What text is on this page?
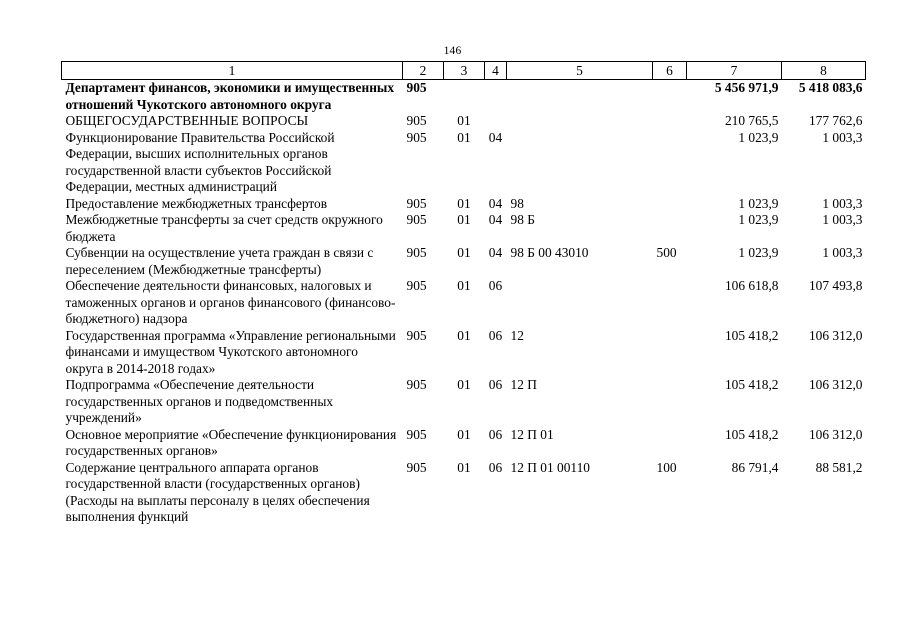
146
1	2	3	4	5	6	7	8
Департамент финансов, экономики и имущественных отношений Чукотского автономного округа	905					5 456 971,9	5 418 083,6
ОБЩЕГОСУДАРСТВЕННЫЕ ВОПРОСЫ	905	01				210 765,5	177 762,6
Функционирование Правительства Российской Федерации, высших исполнительных органов государственной власти субъектов Российской Федерации, местных администраций	905	01	04			1 023,9	1 003,3
Предоставление межбюджетных трансфертов	905	01	04	98		1 023,9	1 003,3
Межбюджетные трансферты за счет средств окружного бюджета	905	01	04	98 Б		1 023,9	1 003,3
Субвенции на осуществление учета граждан в связи с переселением (Межбюджетные трансферты)	905	01	04	98 Б 00 43010	500	1 023,9	1 003,3
Обеспечение деятельности финансовых, налоговых и таможенных органов и органов финансового (финансово-бюджетного) надзора	905	01	06			106 618,8	107 493,8
Государственная программа «Управление региональными финансами и имуществом Чукотского автономного округа в 2014-2018 годах»	905	01	06	12		105 418,2	106 312,0
Подпрограмма «Обеспечение деятельности государственных органов и подведомственных учреждений»	905	01	06	12 П		105 418,2	106 312,0
Основное мероприятие «Обеспечение функционирования государственных органов»	905	01	06	12 П 01		105 418,2	106 312,0
Содержание центрального аппарата органов государственной власти (государственных органов) (Расходы на выплаты персоналу в целях обеспечения выполнения функций	905	01	06	12 П 01 00110	100	86 791,4	88 581,2
